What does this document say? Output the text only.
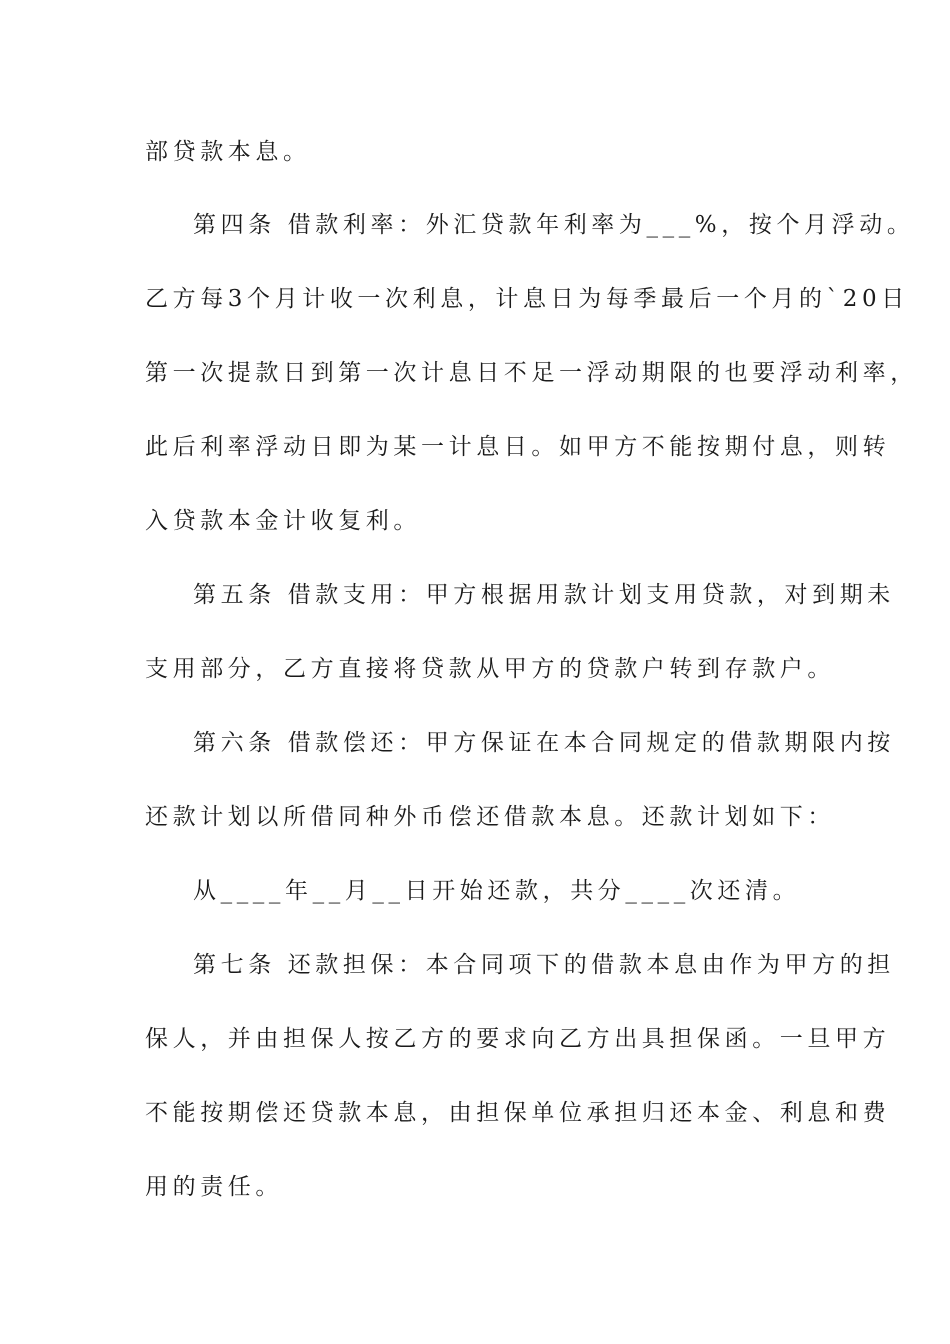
部贷款本息。
第四条 借款利率：外汇贷款年利率为___%，按个月浮动。
乙方每3个月计收一次利息，计息日为每季最后一个月的`20日
第一次提款日到第一次计息日不足一浮动期限的也要浮动利率，
此后利率浮动日即为某一计息日。如甲方不能按期付息，则转
入贷款本金计收复利。
第五条 借款支用：甲方根据用款计划支用贷款，对到期未
支用部分，乙方直接将贷款从甲方的贷款户转到存款户。
第六条 借款偿还：甲方保证在本合同规定的借款期限内按
还款计划以所借同种外币偿还借款本息。还款计划如下：
从____年__月__日开始还款，共分____次还清。
第七条 还款担保：本合同项下的借款本息由作为甲方的担
保人，并由担保人按乙方的要求向乙方出具担保函。一旦甲方
不能按期偿还贷款本息，由担保单位承担归还本金、利息和费
用的责任。
